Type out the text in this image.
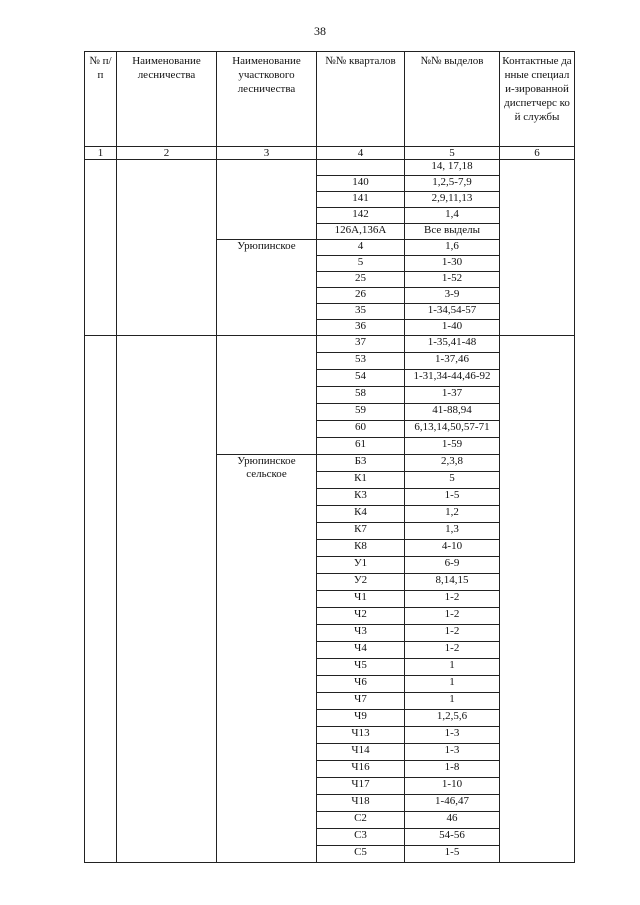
38
№ п/п	Наименование лесничества	Наименование участкового лесничества	№№ кварталов	№№ выделов	Контактные данные специали-зированной диспетчерс кой службы
1	2	3	4	5	6
				14, 17,18	
			140	1,2,5-7,9	
			141	2,9,11,13	
			142	1,4	
			126А,136А	Все выделы	
		Урюпинское	4	1,6	
			5	1-30	
			25	1-52	
			26	3-9	
			35	1-34,54-57	
			36	1-40	
			37	1-35,41-48	
			53	1-37,46	
			54	1-31,34-44,46-92	
			58	1-37	
			59	41-88,94	
			60	6,13,14,50,57-71	
			61	1-59	
		Урюпинское сельское	Б3	2,3,8	
			К1	5	
			К3	1-5	
			К4	1,2	
			К7	1,3	
			К8	4-10	
			У1	6-9	
			У2	8,14,15	
			Ч1	1-2	
			Ч2	1-2	
			Ч3	1-2	
			Ч4	1-2	
			Ч5	1	
			Ч6	1	
			Ч7	1	
			Ч9	1,2,5,6	
			Ч13	1-3	
			Ч14	1-3	
			Ч16	1-8	
			Ч17	1-10	
			Ч18	1-46,47	
			С2	46	
			С3	54-56	
			С5	1-5	
